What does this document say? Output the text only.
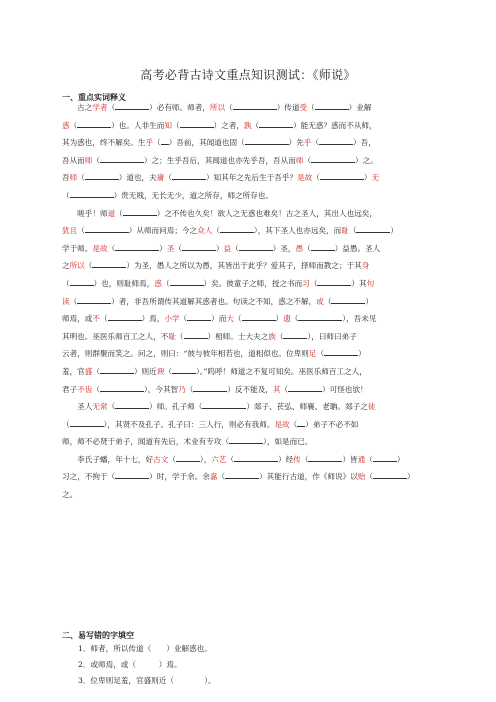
高考必背古诗文重点知识测试：《师说》
一、重点实词释义
　　古之学者（	）必有师。师者，所以（	）传道受（	）业解
惑（	）也。人非生而知（	）之者，孰（	）能无惑？惑而不从师，
其为惑也，终不解矣。生乎（ ）吾前，其闻道也固（	）先乎（	）吾，
吾从而师（	）之；生乎吾后，其闻道也亦先乎吾，吾从而师（	）之。
吾师（	）道也，夫庸（	）知其年之先后生于吾乎？是故（	）无
（	）贵无贱，无长无少，道之所存，师之所存也。
　　嗟乎！师道（	）之不传也久矣！欲人之无惑也难矣！古之圣人，其出人也远矣，
犹且（	）从师而问焉；今之众人（	），其下圣人也亦远矣，而耻（	）
学于师。是故（	）圣（	）益（	）圣，愚（	）益愚。圣人
之所以（	）为圣，愚人之所以为愚，其皆出于此乎？爱其子，择师而教之；于其身
（	）也，则耻师焉，惑（	）矣。彼童子之师，授之书而习（	）其句
读（	）者，非吾所谓传其道解其惑者也。句读之不知，惑之不解，或（	）
师焉，或不（	）焉，小学（	）而大（	）遗（	），吾未见
其明也。巫医乐师百工之人，不耻（	）相师。士大夫之族（	），曰师曰弟子
云者，则群聚而笑之。问之，则曰：“彼与彼年相若也，道相似也。位卑则足（	）
羞，官盛（	）则近谀（	）。”呜呼！师道之不复可知矣。巫医乐师百工之人，
君子不齿（	），今其智乃（	）反不能及，其（	）可怪也欤！
　　圣人无常（	）师。孔子师（	）郯子、苌弘、师襄、老聃。郯子之徒
（	），其贤不及孔子。孔子曰：三人行，则必有我师。是故（ ）弟子不必不如
师，师不必贤于弟子，闻道有先后，术业有专攻（	），如是而已。
　　李氏子蟠，年十七，好古文（	），六艺（	）经传（	）皆通（	）
习之，不拘于（	）时，学于余。余嘉（	）其能行古道，作《师说》以贻（	）
之。
二、易写错的字填空
1．师者，所以传道（　　）业解惑也。
2．或师焉，或（　　　）焉。
3．位卑则足羞，官盛则近（　　　　）。
